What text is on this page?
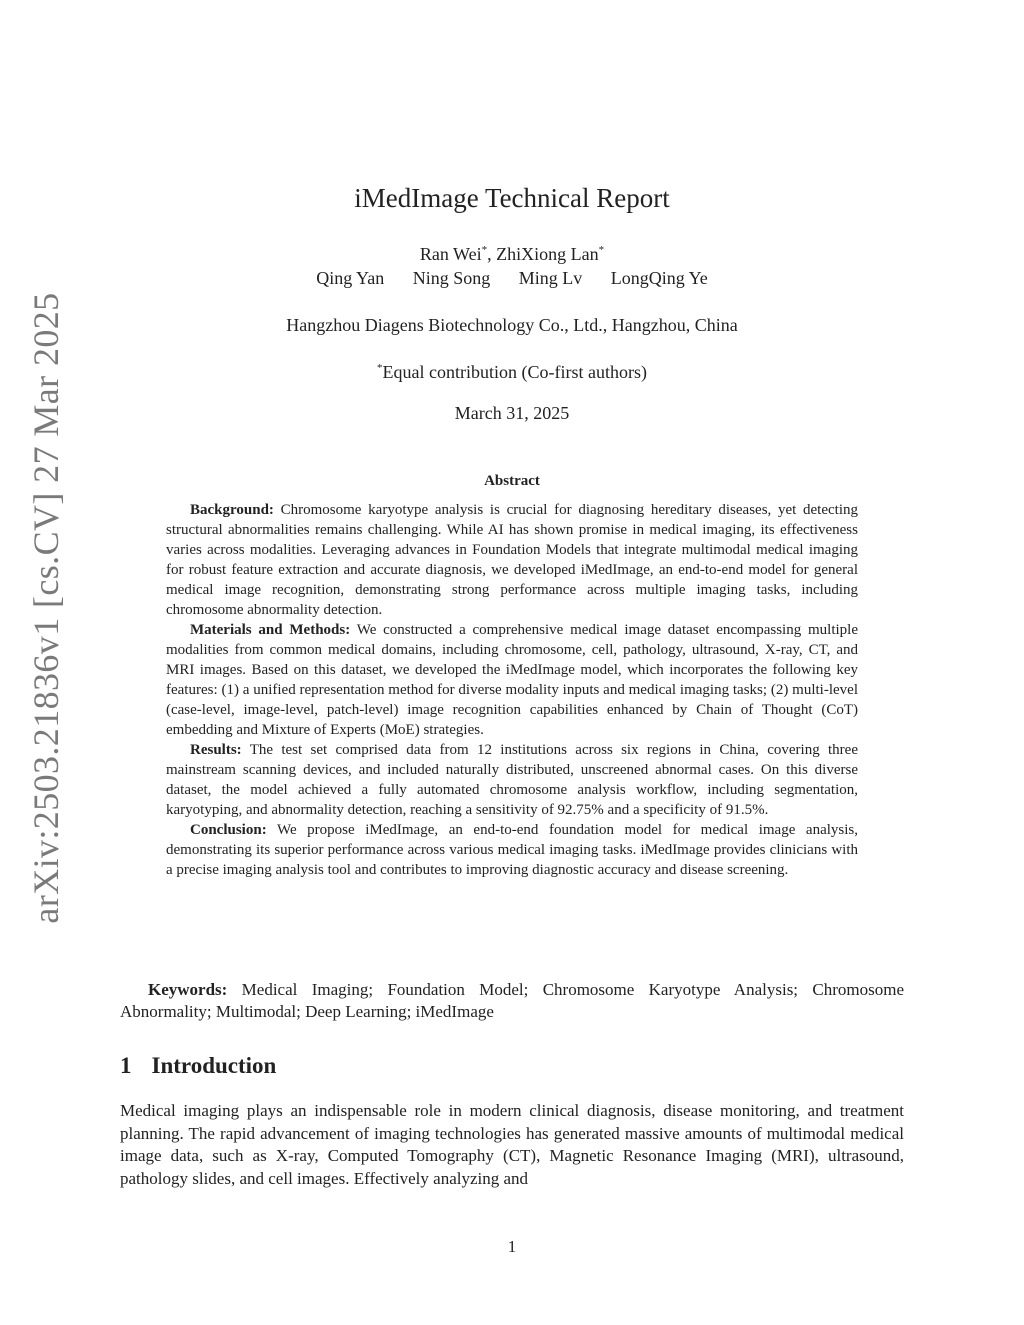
arXiv:2503.21836v1 [cs.CV] 27 Mar 2025
iMedImage Technical Report
Ran Wei*, ZhiXiong Lan*
Qing Yan Ning Song Ming Lv LongQing Ye
Hangzhou Diagens Biotechnology Co., Ltd., Hangzhou, China
*Equal contribution (Co-first authors)
March 31, 2025
Abstract

Background: Chromosome karyotype analysis is crucial for diagnosing hereditary diseases, yet detecting structural abnormalities remains challenging. While AI has shown promise in medical imaging, its effectiveness varies across modalities. Leveraging advances in Foundation Models that integrate multimodal medical imaging for robust feature extraction and accurate diagnosis, we developed iMedImage, an end-to-end model for general medical image recognition, demonstrating strong performance across multiple imaging tasks, including chromosome abnormality detection.

Materials and Methods: We constructed a comprehensive medical image dataset encompassing multiple modalities from common medical domains, including chromosome, cell, pathology, ultrasound, X-ray, CT, and MRI images. Based on this dataset, we developed the iMedImage model, which incorporates the following key features: (1) a unified representation method for diverse modality inputs and medical imaging tasks; (2) multi-level (case-level, image-level, patch-level) image recognition capabilities enhanced by Chain of Thought (CoT) embedding and Mixture of Experts (MoE) strategies.

Results: The test set comprised data from 12 institutions across six regions in China, covering three mainstream scanning devices, and included naturally distributed, unscreened abnormal cases. On this diverse dataset, the model achieved a fully automated chromosome analysis workflow, including segmentation, karyotyping, and abnormality detection, reaching a sensitivity of 92.75% and a specificity of 91.5%.

Conclusion: We propose iMedImage, an end-to-end foundation model for medical image analysis, demonstrating its superior performance across various medical imaging tasks. iMedImage provides clinicians with a precise imaging analysis tool and contributes to improving diagnostic accuracy and disease screening.

Keywords: Medical Imaging; Foundation Model; Chromosome Karyotype Analysis; Chromosome Abnormality; Multimodal; Deep Learning; iMedImage
1 Introduction
Medical imaging plays an indispensable role in modern clinical diagnosis, disease monitoring, and treatment planning. The rapid advancement of imaging technologies has generated massive amounts of multimodal medical image data, such as X-ray, Computed Tomography (CT), Magnetic Resonance Imaging (MRI), ultrasound, pathology slides, and cell images. Effectively analyzing and
1
